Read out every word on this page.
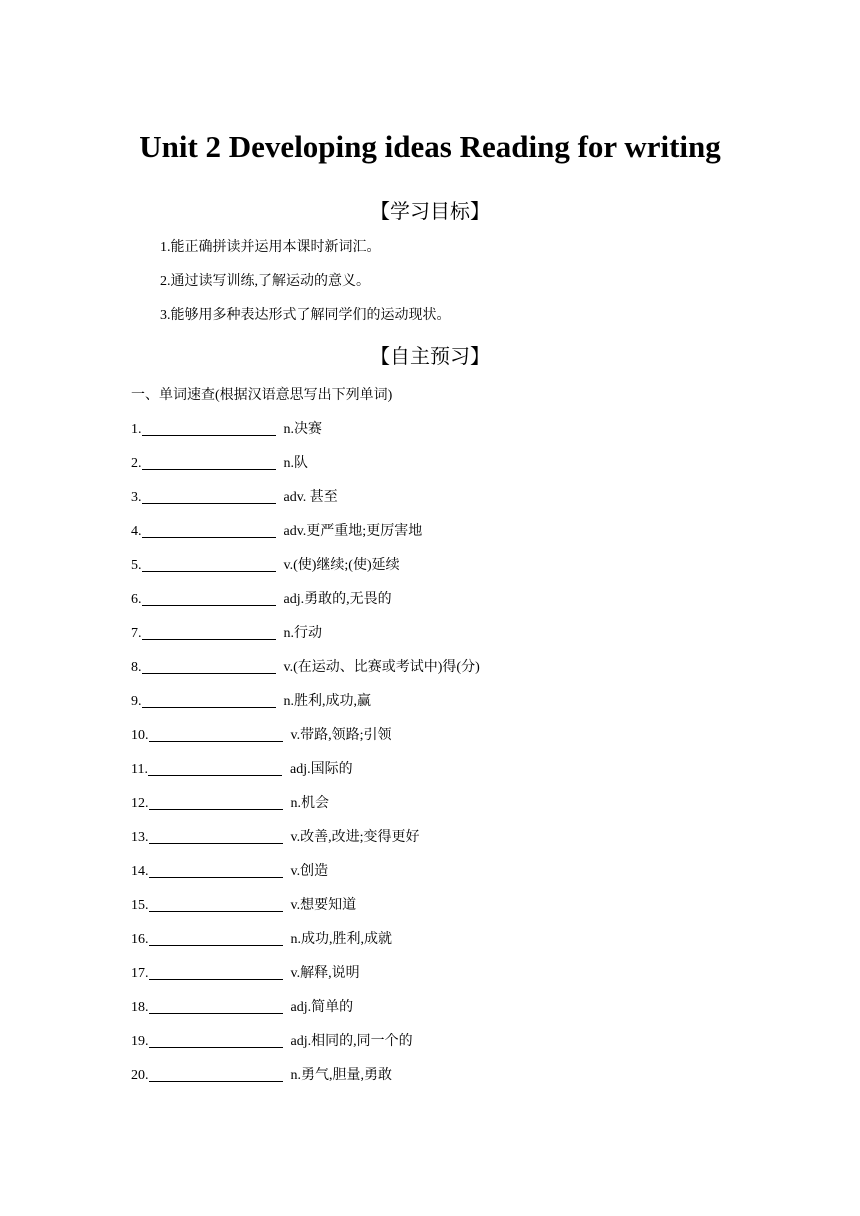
Unit 2 Developing ideas Reading for writing
【学习目标】

1.能正确拼读并运用本课时新词汇。

2.通过读写训练,了解运动的意义。

3.能够用多种表达形式了解同学们的运动现状。

【自主预习】
一、单词速查(根据汉语意思写出下列单词)
1.	n.决赛
2.	n.队
3.	adv. 甚至
4.	adv.更严重地;更厉害地
5.	v.(使)继续;(使)延续
6.	adj.勇敢的,无畏的
7.	n.行动
8.	v.(在运动、比赛或考试中)得(分)
9.	n.胜利,成功,赢
10.	v.带路,领路;引领
11.	adj.国际的
12.	n.机会
13.	v.改善,改进;变得更好
14.	v.创造
15.	v.想要知道
16.	n.成功,胜利,成就
17.	v.解释,说明
18.	adj.简单的
19.	adj.相同的,同一个的
20.	n.勇气,胆量,勇敢
